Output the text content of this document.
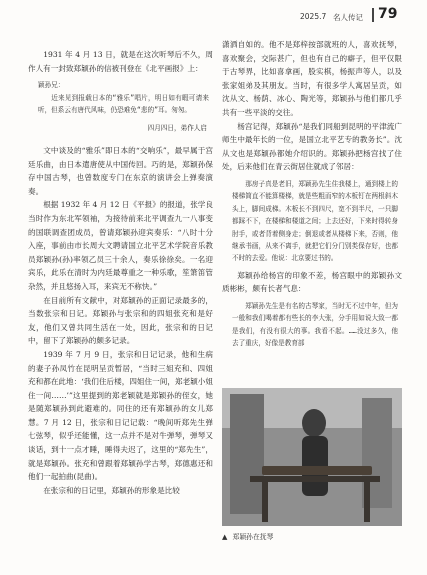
2025.7 名人传记 79

1931 年 4 月 13 日，就是在这次听琴后不久，周作人有一封致郑颖孙的信被刊登在《北平画报》上：

颖孙兄：
近来见到报载日本的“雅乐”唱片，明日如有暇可请来听，但系云有唐代风味，仍恐难免“悲的”耳。匆匆。
四月四日，弟作人启

文中谈及的“雅乐”即日本的“交响乐”，最早属于宫廷乐曲，由日本遣唐使从中国传回。巧的是，郑颖孙保存中国古琴，也曾数度专门在东京的演讲会上弹奏演奏。

根据 1932 年 4 月 12 日《平报》的报道，张学良当时作为东北军领袖，为接待前来北平调查九一八事变的国联调查团成员，曾请郑颖孙迎宾奏乐：“八时十分入座，事前由市长周大文聘请国立北平艺术学院音乐教员郑颖孙(孙)率领乙员三十余人，奏乐徐徐矣。一名迎宾乐，此乐在清时为内廷最尊重之一种乐歌，笙箫笛管杂然，并且悠扬入耳，来宾无不称快。”

在目前所有文献中，对郑颖孙的正面记录最多的，当数张宗和日记。郑颖孙与张宗和的四姐张充和是好友，他们又曾共同生活在一处，因此，张宗和的日记中，留下了郑颖孙的颇多记录。

1939 年 7 月 9 日，张宗和日记记录，他和生病的妻子孙凤竹在昆明呈贡暂居，“当时三姐充和、四姐充和都在此地：‘我们住后楼，四姐住一间，郑老颖小姐住一间……’”这里提到的郑老颖就是郑颖孙的侄女，她是随郑颖孙到此避难的。同住的还有郑颖孙的女儿郑慧。7 月 12 日，张宗和日记记载：“晚间听郑先生弹七弦琴，似乎还能懂，这一点并不是对牛弹琴，弹琴又谈话，到十一点才睡，睡得夫迟了，这里的“郑先生”，就是郑颖孙。张充和曾跟着郑颖孙学古琴，郑德惠还和他们一起拍曲(昆曲)。

在张宗和的日记里，郑颖孙的形象是比较

潇洒自如的。他不是郑梓按部就班的人，喜欢抚琴，喜欢聚会，交际甚广，但也有自己的癖子，但平仅限于古琴界，比如喜拿画，股实棋，杨振声等人，以及张家姐弟及其朋友。当时，有很多学人寓居呈贡，如沈从文、杨荫、冰心、陶光等，郑颖孙与他们都几乎共有一些平淡的交往。

杨宫记得，郑颖孙“是我们同船到昆明的平津流广师生中最年长的一位，是国立北平艺专的教务长”。沈从文也是郑颖孙都她介绍识的。郑颖孙把杨宫找了住处，后来他们在青云街居住就成了邻居：

那房子真是老旧，郑颖孙先生住我楼上，通到楼上的楼梯简直不能算楼梯，就是些粗而窄的木板钉在两根斜木头上，脚间成梯。木板长不到四尺，宽不到半尺，一只脚都踩不下，在楼梯和楼道之间；上去还好，下来时得转身肘手，或者背着侧身走；倒退或者从楼梯下来，否则，他继承书画，从来不离手，就把它们分门别类保存好，也都不时的去爱。他说：北京要过书的。

郑颖孙给杨宫的印象不差，杨宫眼中的郑颖孙文质彬彬，颇有长者气息：

郑颖孙先生是有名的古琴家，当时无不过中年，但为一般和我们喝着都有些长的李大张，分手用如说大致一都是我们，有没有很大的事。我看不起。……没过多久，他去了重庆，好像是教育部
▲ 郑颖孙在抚琴
